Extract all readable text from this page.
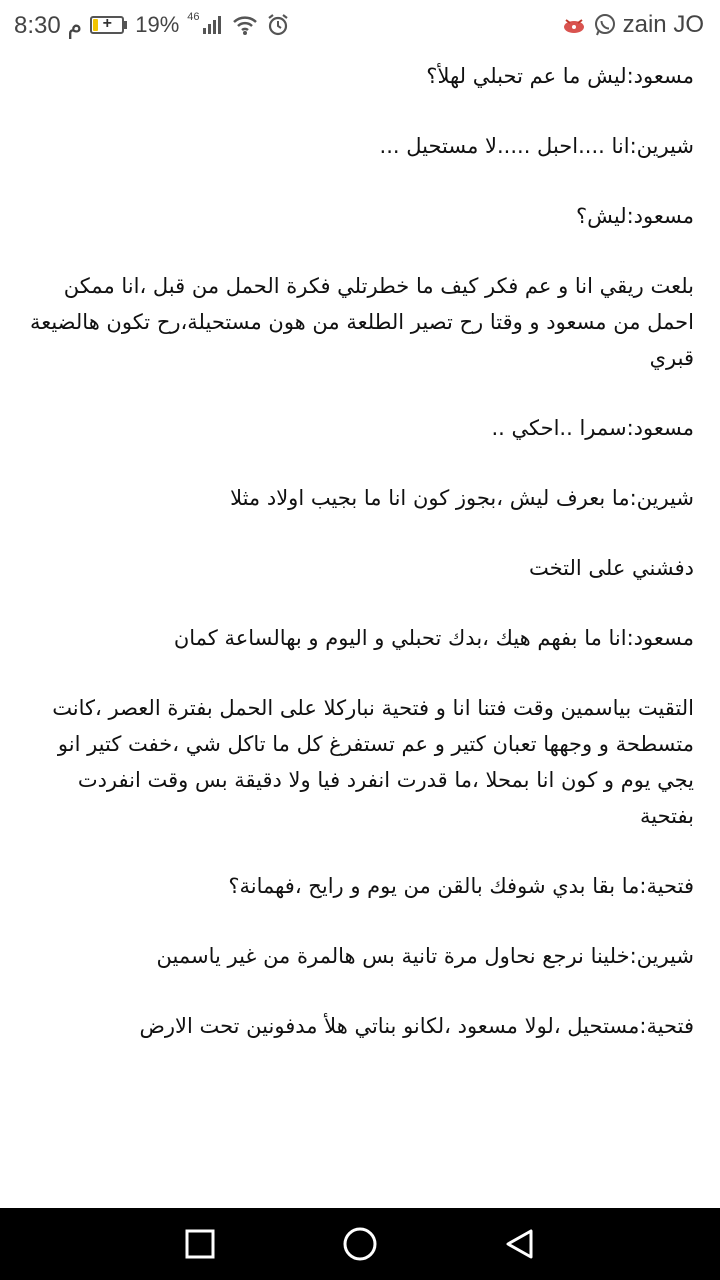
8:30 م	+	19% 46	zain JO

مسعود:ليش ما عم تحبلي لهلأ؟

شيرين:انا ....احبل .....لا مستحيل ...

مسعود:ليش؟

بلعت ريقي انا و عم فكر كيف ما خطرتلي فكرة الحمل من قبل ،انا ممكن احمل من مسعود و وقتا رح تصير الطلعة من هون مستحيلة،رح تكون هالضيعة قبري

مسعود:سمرا ..احكي ..

شيرين:ما بعرف ليش ،بجوز كون انا ما بجيب اولاد مثلا

دفشني على التخت

مسعود:انا ما بفهم هيك ،بدك تحبلي و اليوم و بهالساعة كمان

التقيت بياسمين وقت فتنا انا و فتحية نباركلا على الحمل بفترة العصر ،كانت متسطحة و وجهها تعبان كتير و عم تستفرغ كل ما تاكل شي ،خفت كتير انو يجي يوم و كون انا بمحلا ،ما قدرت انفرد فيا ولا دقيقة بس وقت انفردت بفتحية

فتحية:ما بقا بدي شوفك بالقن من يوم و رايح ،فهمانة؟

شيرين:خلينا نرجع نحاول مرة تانية بس هالمرة من غير ياسمين

فتحية:مستحيل ،لولا مسعود ،لكانو بناتي هلأ مدفونين تحت الارض
